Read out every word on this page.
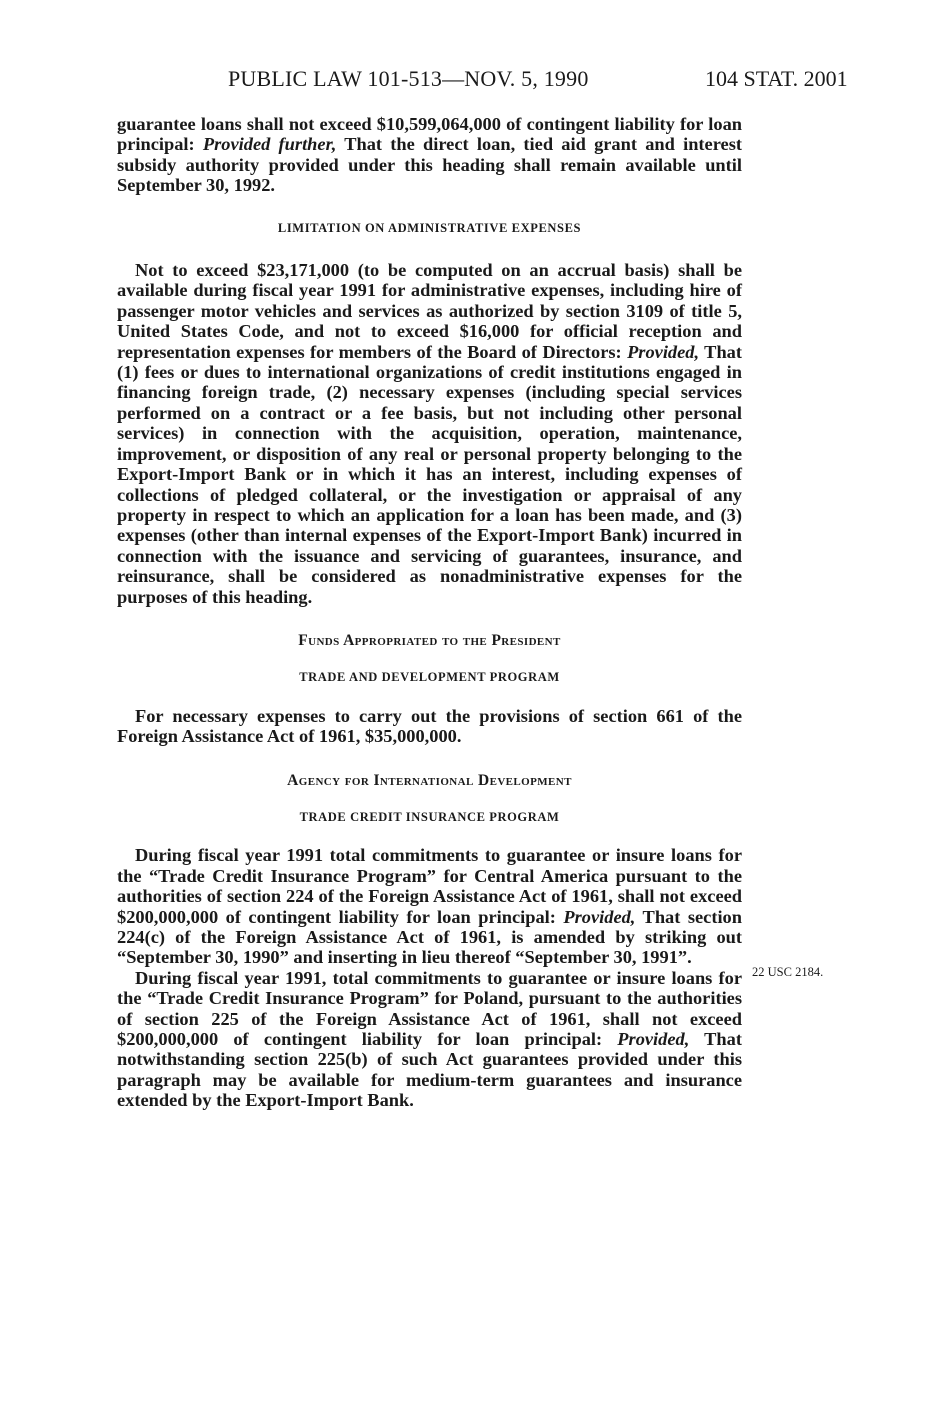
PUBLIC LAW 101-513—NOV. 5, 1990	104 STAT. 2001

guarantee loans shall not exceed $10,599,064,000 of contingent liability for loan principal: Provided further, That the direct loan, tied aid grant and interest subsidy authority provided under this heading shall remain available until September 30, 1992.

LIMITATION ON ADMINISTRATIVE EXPENSES

Not to exceed $23,171,000 (to be computed on an accrual basis) shall be available during fiscal year 1991 for administrative expenses, including hire of passenger motor vehicles and services as authorized by section 3109 of title 5, United States Code, and not to exceed $16,000 for official reception and representation expenses for members of the Board of Directors: Provided, That (1) fees or dues to international organizations of credit institutions engaged in financing foreign trade, (2) necessary expenses (including special services performed on a contract or a fee basis, but not including other personal services) in connection with the acquisition, operation, maintenance, improvement, or disposition of any real or personal property belonging to the Export-Import Bank or in which it has an interest, including expenses of collections of pledged collateral, or the investigation or appraisal of any property in respect to which an application for a loan has been made, and (3) expenses (other than internal expenses of the Export-Import Bank) incurred in connection with the issuance and servicing of guarantees, insurance, and reinsurance, shall be considered as nonadministrative expenses for the purposes of this heading.

Funds Appropriated to the President

TRADE AND DEVELOPMENT PROGRAM

For necessary expenses to carry out the provisions of section 661 of the Foreign Assistance Act of 1961, $35,000,000.

Agency for International Development

TRADE CREDIT INSURANCE PROGRAM

During fiscal year 1991 total commitments to guarantee or insure loans for the “Trade Credit Insurance Program” for Central America pursuant to the authorities of section 224 of the Foreign Assistance Act of 1961, shall not exceed $200,000,000 of contingent liability for loan principal: Provided, That section 224(c) of the Foreign Assistance Act of 1961, is amended by striking out “September 30, 1990” and inserting in lieu thereof “September 30, 1991”.

During fiscal year 1991, total commitments to guarantee or insure loans for the “Trade Credit Insurance Program” for Poland, pursuant to the authorities of section 225 of the Foreign Assistance Act of 1961, shall not exceed $200,000,000 of contingent liability for loan principal: Provided, That notwithstanding section 225(b) of such Act guarantees provided under this paragraph may be available for medium-term guarantees and insurance extended by the Export-Import Bank.

22 USC 2184.
